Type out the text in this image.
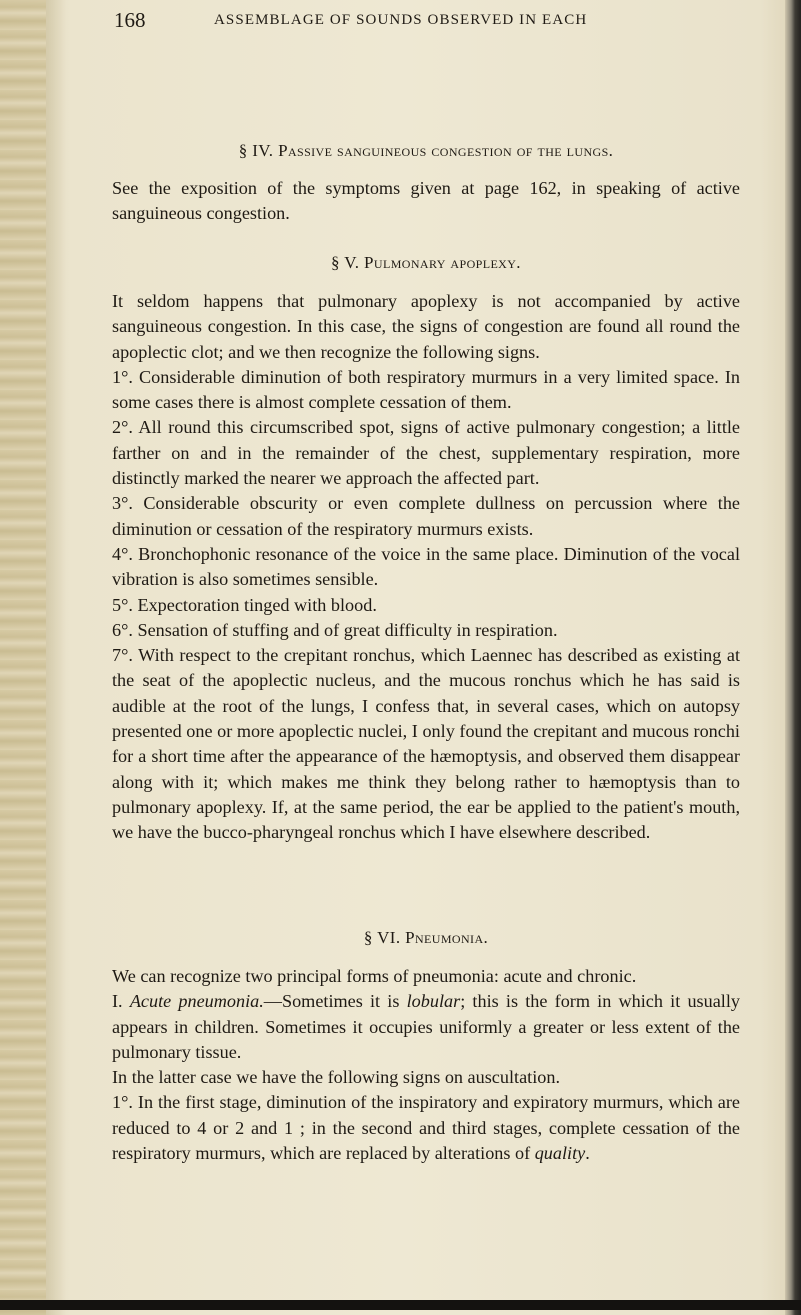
168	ASSEMBLAGE OF SOUNDS OBSERVED IN EACH
§ IV. Passive sanguineous congestion of the lungs.

See the exposition of the symptoms given at page 162, in speaking of active sanguineous congestion.

§ V. Pulmonary apoplexy.

It seldom happens that pulmonary apoplexy is not accompanied by active sanguineous congestion. In this case, the signs of congestion are found all round the apoplectic clot; and we then recognize the following signs.

1°. Considerable diminution of both respiratory murmurs in a very limited space. In some cases there is almost complete cessation of them.

2°. All round this circumscribed spot, signs of active pulmonary congestion; a little farther on and in the remainder of the chest, supplementary respiration, more distinctly marked the nearer we approach the affected part.

3°. Considerable obscurity or even complete dullness on percussion where the diminution or cessation of the respiratory murmurs exists.

4°. Bronchophonic resonance of the voice in the same place. Diminution of the vocal vibration is also sometimes sensible.

5°. Expectoration tinged with blood.

6°. Sensation of stuffing and of great difficulty in respiration.

7°. With respect to the crepitant ronchus, which Laennec has described as existing at the seat of the apoplectic nucleus, and the mucous ronchus which he has said is audible at the root of the lungs, I confess that, in several cases, which on autopsy presented one or more apoplectic nuclei, I only found the crepitant and mucous ronchi for a short time after the appearance of the hæmoptysis, and observed them disappear along with it; which makes me think they belong rather to hæmoptysis than to pulmonary apoplexy. If, at the same period, the ear be applied to the patient's mouth, we have the bucco-pharyngeal ronchus which I have elsewhere described.

§ VI. Pneumonia.

We can recognize two principal forms of pneumonia: acute and chronic.

I. Acute pneumonia.—Sometimes it is lobular; this is the form in which it usually appears in children. Sometimes it occupies uniformly a greater or less extent of the pulmonary tissue.

In the latter case we have the following signs on auscultation.

1°. In the first stage, diminution of the inspiratory and expiratory murmurs, which are reduced to 4 or 2 and 1 ; in the second and third stages, complete cessation of the respiratory murmurs, which are replaced by alterations of quality.
